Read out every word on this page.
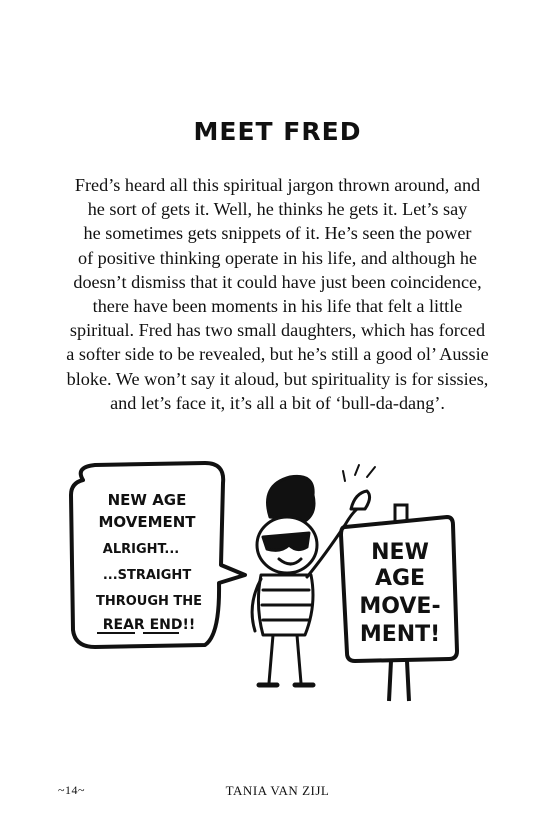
MEET FRED
Fred’s heard all this spiritual jargon thrown around, and
he sort of gets it. Well, he thinks he gets it. Let’s say
he sometimes gets snippets of it. He’s seen the power
of positive thinking operate in his life, and although he
doesn’t dismiss that it could have just been coincidence,
there have been moments in his life that felt a little
spiritual. Fred has two small daughters, which has forced
a softer side to be revealed, but he’s still a good ol’ Aussie
bloke. We won’t say it aloud, but spirituality is for sissies,
and let’s face it, it’s all a bit of ‘bull-da-dang’.
NEW AGE
MOVEMENT
ALRIGHT...
...STRAIGHT
THROUGH THE
REAR END!!
NEW
AGE
MOVE-
MENT!
~14~	TANIA VAN ZIJL
